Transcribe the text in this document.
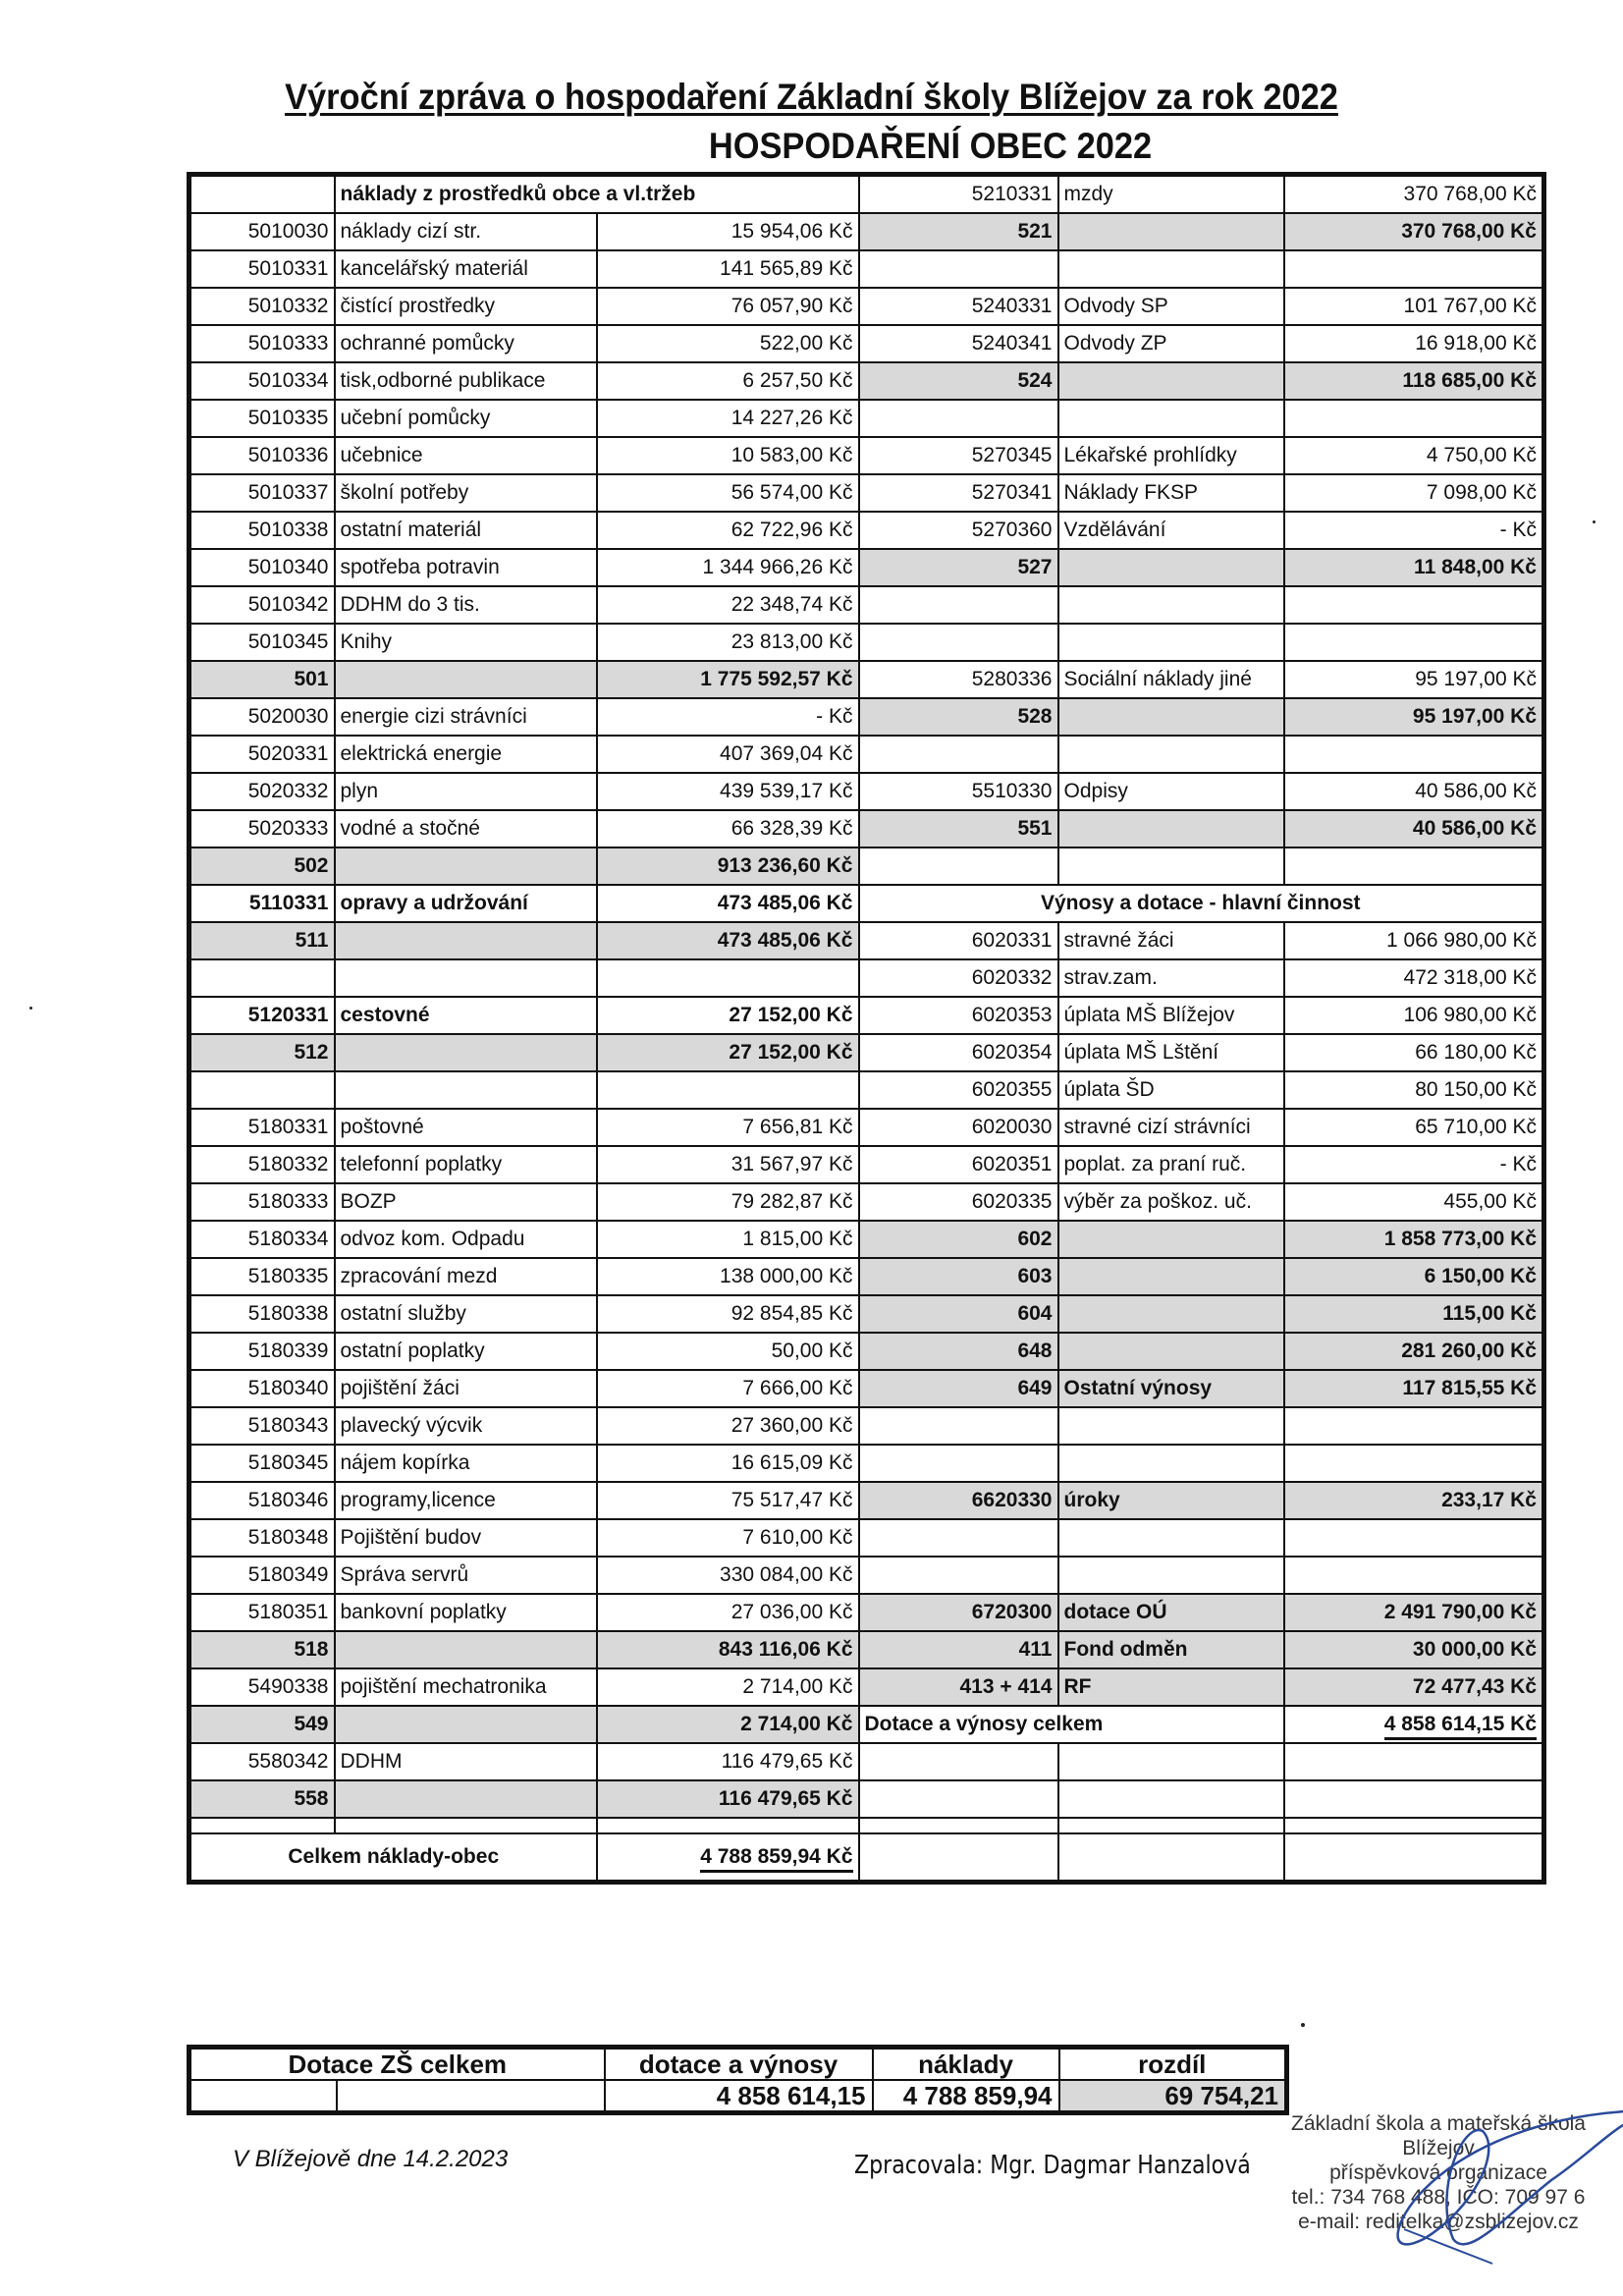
Výroční zpráva o hospodaření Základní školy Blížejov za rok 2022
HOSPODAŘENÍ OBEC 2022
	náklady z prostředků obce a vl.tržeb		5210331	mzdy	370 768,00 Kč
5010030	náklady cizí str.	15 954,06 Kč	521		370 768,00 Kč
5010331	kancelářský materiál	141 565,89 Kč			
5010332	čistící prostředky	76 057,90 Kč	5240331	Odvody SP	101 767,00 Kč
5010333	ochranné pomůcky	522,00 Kč	5240341	Odvody ZP	16 918,00 Kč
5010334	tisk,odborné publikace	6 257,50 Kč	524		118 685,00 Kč
5010335	učební pomůcky	14 227,26 Kč			
5010336	učebnice	10 583,00 Kč	5270345	Lékařské prohlídky	4 750,00 Kč
5010337	školní potřeby	56 574,00 Kč	5270341	Náklady FKSP	7 098,00 Kč
5010338	ostatní materiál	62 722,96 Kč	5270360	Vzdělávání	- Kč
5010340	spotřeba potravin	1 344 966,26 Kč	527		11 848,00 Kč
5010342	DDHM do 3 tis.	22 348,74 Kč			
5010345	Knihy	23 813,00 Kč			
501		1 775 592,57 Kč	5280336	Sociální náklady jiné	95 197,00 Kč
5020030	energie cizi strávníci	- Kč	528		95 197,00 Kč
5020331	elektrická energie	407 369,04 Kč			
5020332	plyn	439 539,17 Kč	5510330	Odpisy	40 586,00 Kč
5020333	vodné a stočné	66 328,39 Kč	551		40 586,00 Kč
502		913 236,60 Kč			
5110331	opravy a udržování	473 485,06 Kč	Výnosy a dotace - hlavní činnost		
511		473 485,06 Kč	6020331	stravné žáci	1 066 980,00 Kč
			6020332	strav.zam.	472 318,00 Kč
5120331	cestovné	27 152,00 Kč	6020353	úplata MŠ Blížejov	106 980,00 Kč
512		27 152,00 Kč	6020354	úplata MŠ Lštění	66 180,00 Kč
			6020355	úplata ŠD	80 150,00 Kč
5180331	poštovné	7 656,81 Kč	6020030	stravné cizí strávníci	65 710,00 Kč
5180332	telefonní poplatky	31 567,97 Kč	6020351	poplat. za praní ruč.	- Kč
5180333	BOZP	79 282,87 Kč	6020335	výběr za poškoz. uč.	455,00 Kč
5180334	odvoz kom. Odpadu	1 815,00 Kč	602		1 858 773,00 Kč
5180335	zpracování mezd	138 000,00 Kč	603		6 150,00 Kč
5180338	ostatní služby	92 854,85 Kč	604		115,00 Kč
5180339	ostatní poplatky	50,00 Kč	648		281 260,00 Kč
5180340	pojištění žáci	7 666,00 Kč	649	Ostatní výnosy	117 815,55 Kč
5180343	plavecký výcvik	27 360,00 Kč			
5180345	nájem kopírka	16 615,09 Kč			
5180346	programy,licence	75 517,47 Kč	6620330	úroky	233,17 Kč
5180348	Pojištění budov	7 610,00 Kč			
5180349	Správa servrů	330 084,00 Kč			
5180351	bankovní poplatky	27 036,00 Kč	6720300	dotace OÚ	2 491 790,00 Kč
518		843 116,06 Kč	411	Fond odměn	30 000,00 Kč
5490338	pojištění mechatronika	2 714,00 Kč	413 + 414	RF	72 477,43 Kč
549		2 714,00 Kč	Dotace a výnosy celkem		4 858 614,15 Kč
5580342	DDHM	116 479,65 Kč			
558		116 479,65 Kč			

Celkem náklady-obec		4 788 859,94 Kč			
Dotace ZŠ celkem		dotace a výnosy	náklady	rozdíl
		4 858 614,15	4 788 859,94	69 754,21
V Blížejově dne 14.2.2023	Zpracovala: Mgr. Dagmar Hanzalová
Základní škola a mateřská škola
Blížejov
příspěvková organizace
tel.: 734 768 488, IČO: 709 97 6
e-mail: reditelka@zsblizejov.cz
